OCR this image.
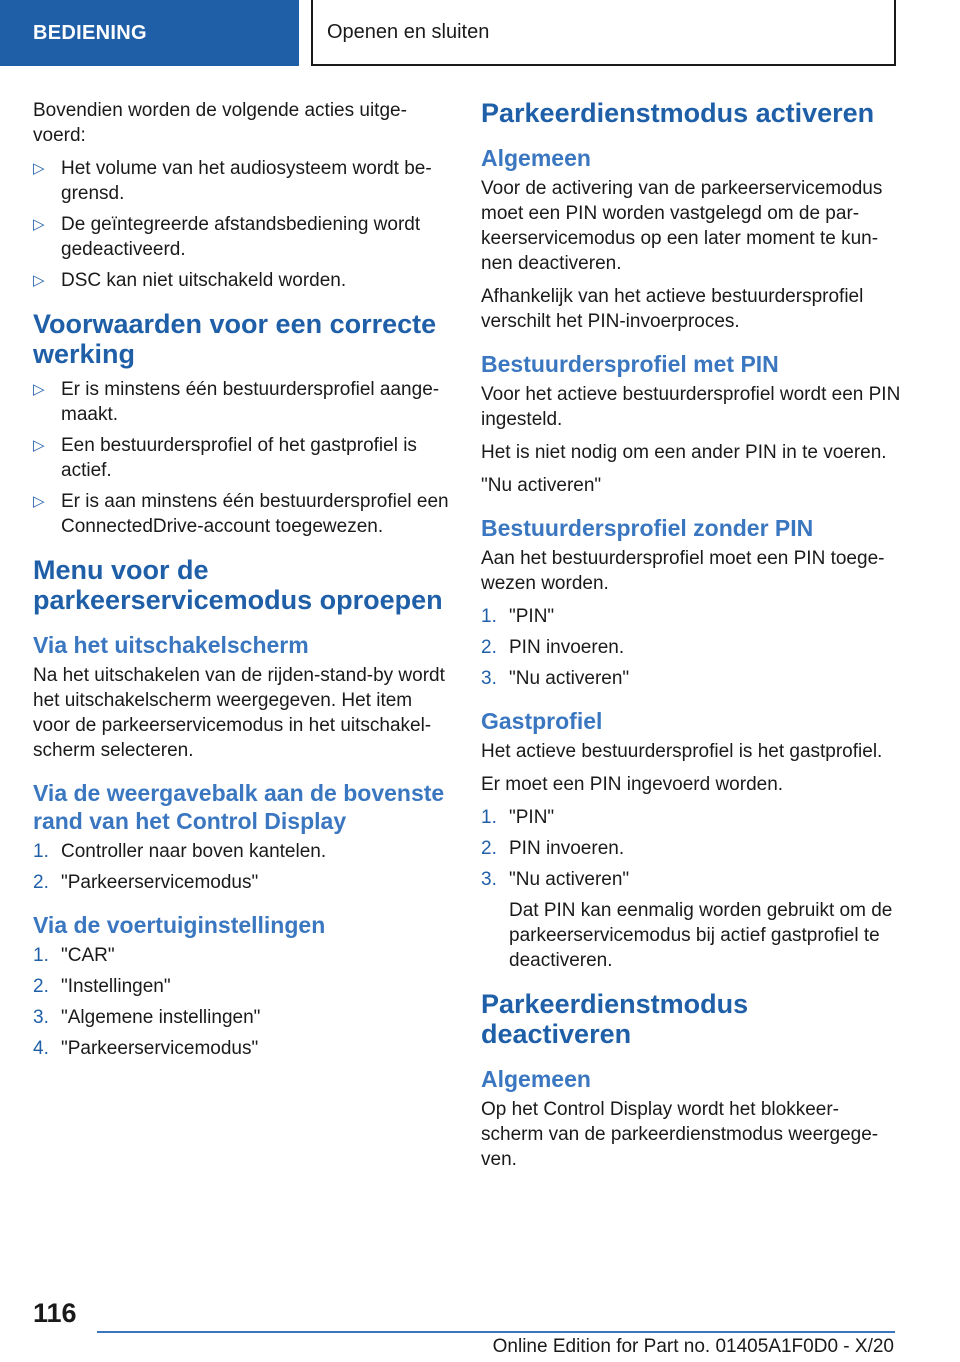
BEDIENING	Openen en sluiten

Bovendien worden de volgende acties uitge-voerd:

▷ Het volume van het audiosysteem wordt be-grensd.
▷ De geïntegreerde afstandsbediening wordt gedeactiveerd.
▷ DSC kan niet uitschakeld worden.
Voorwaarden voor een correcte werking
▷ Er is minstens één bestuurdersprofiel aange-maakt.
▷ Een bestuurdersprofiel of het gastprofiel is actief.
▷ Er is aan minstens één bestuurdersprofiel een ConnectedDrive-account toegewezen.
Menu voor de parkeerservicemodus oproepen
Via het uitschakelscherm

Na het uitschakelen van de rijden-stand-by wordt het uitschakelscherm weergegeven. Het item voor de parkeerservicemodus in het uitschakel-scherm selecteren.

Via de weergavebalk aan de bovenste rand van het Control Display
1. Controller naar boven kantelen.
2. "Parkeerservicemodus"
Via de voertuiginstellingen
1. "CAR"
2. "Instellingen"
3. "Algemene instellingen"
4. "Parkeerservicemodus"
Parkeerdienstmodus activeren
Algemeen

Voor de activering van de parkeerservicemodus moet een PIN worden vastgelegd om de par-keerservicemodus op een later moment te kun-nen deactiveren.

Afhankelijk van het actieve bestuurdersprofiel verschilt het PIN-invoerproces.

Bestuurdersprofiel met PIN

Voor het actieve bestuurdersprofiel wordt een PIN ingesteld.

Het is niet nodig om een ander PIN in te voeren.

"Nu activeren"

Bestuurdersprofiel zonder PIN

Aan het bestuurdersprofiel moet een PIN toege-wezen worden.

1. "PIN"
2. PIN invoeren.
3. "Nu activeren"
Gastprofiel

Het actieve bestuurdersprofiel is het gastprofiel.

Er moet een PIN ingevoerd worden.

1. "PIN"
2. PIN invoeren.
3. "Nu activeren"
Dat PIN kan eenmalig worden gebruikt om de parkeerservicemodus bij actief gastprofiel te deactiveren.
Parkeerdienstmodus deactiveren
Algemeen

Op het Control Display wordt het blokkeer-scherm van de parkeerdienstmodus weergege-ven.

116
Online Edition for Part no. 01405A1F0D0 - X/20
